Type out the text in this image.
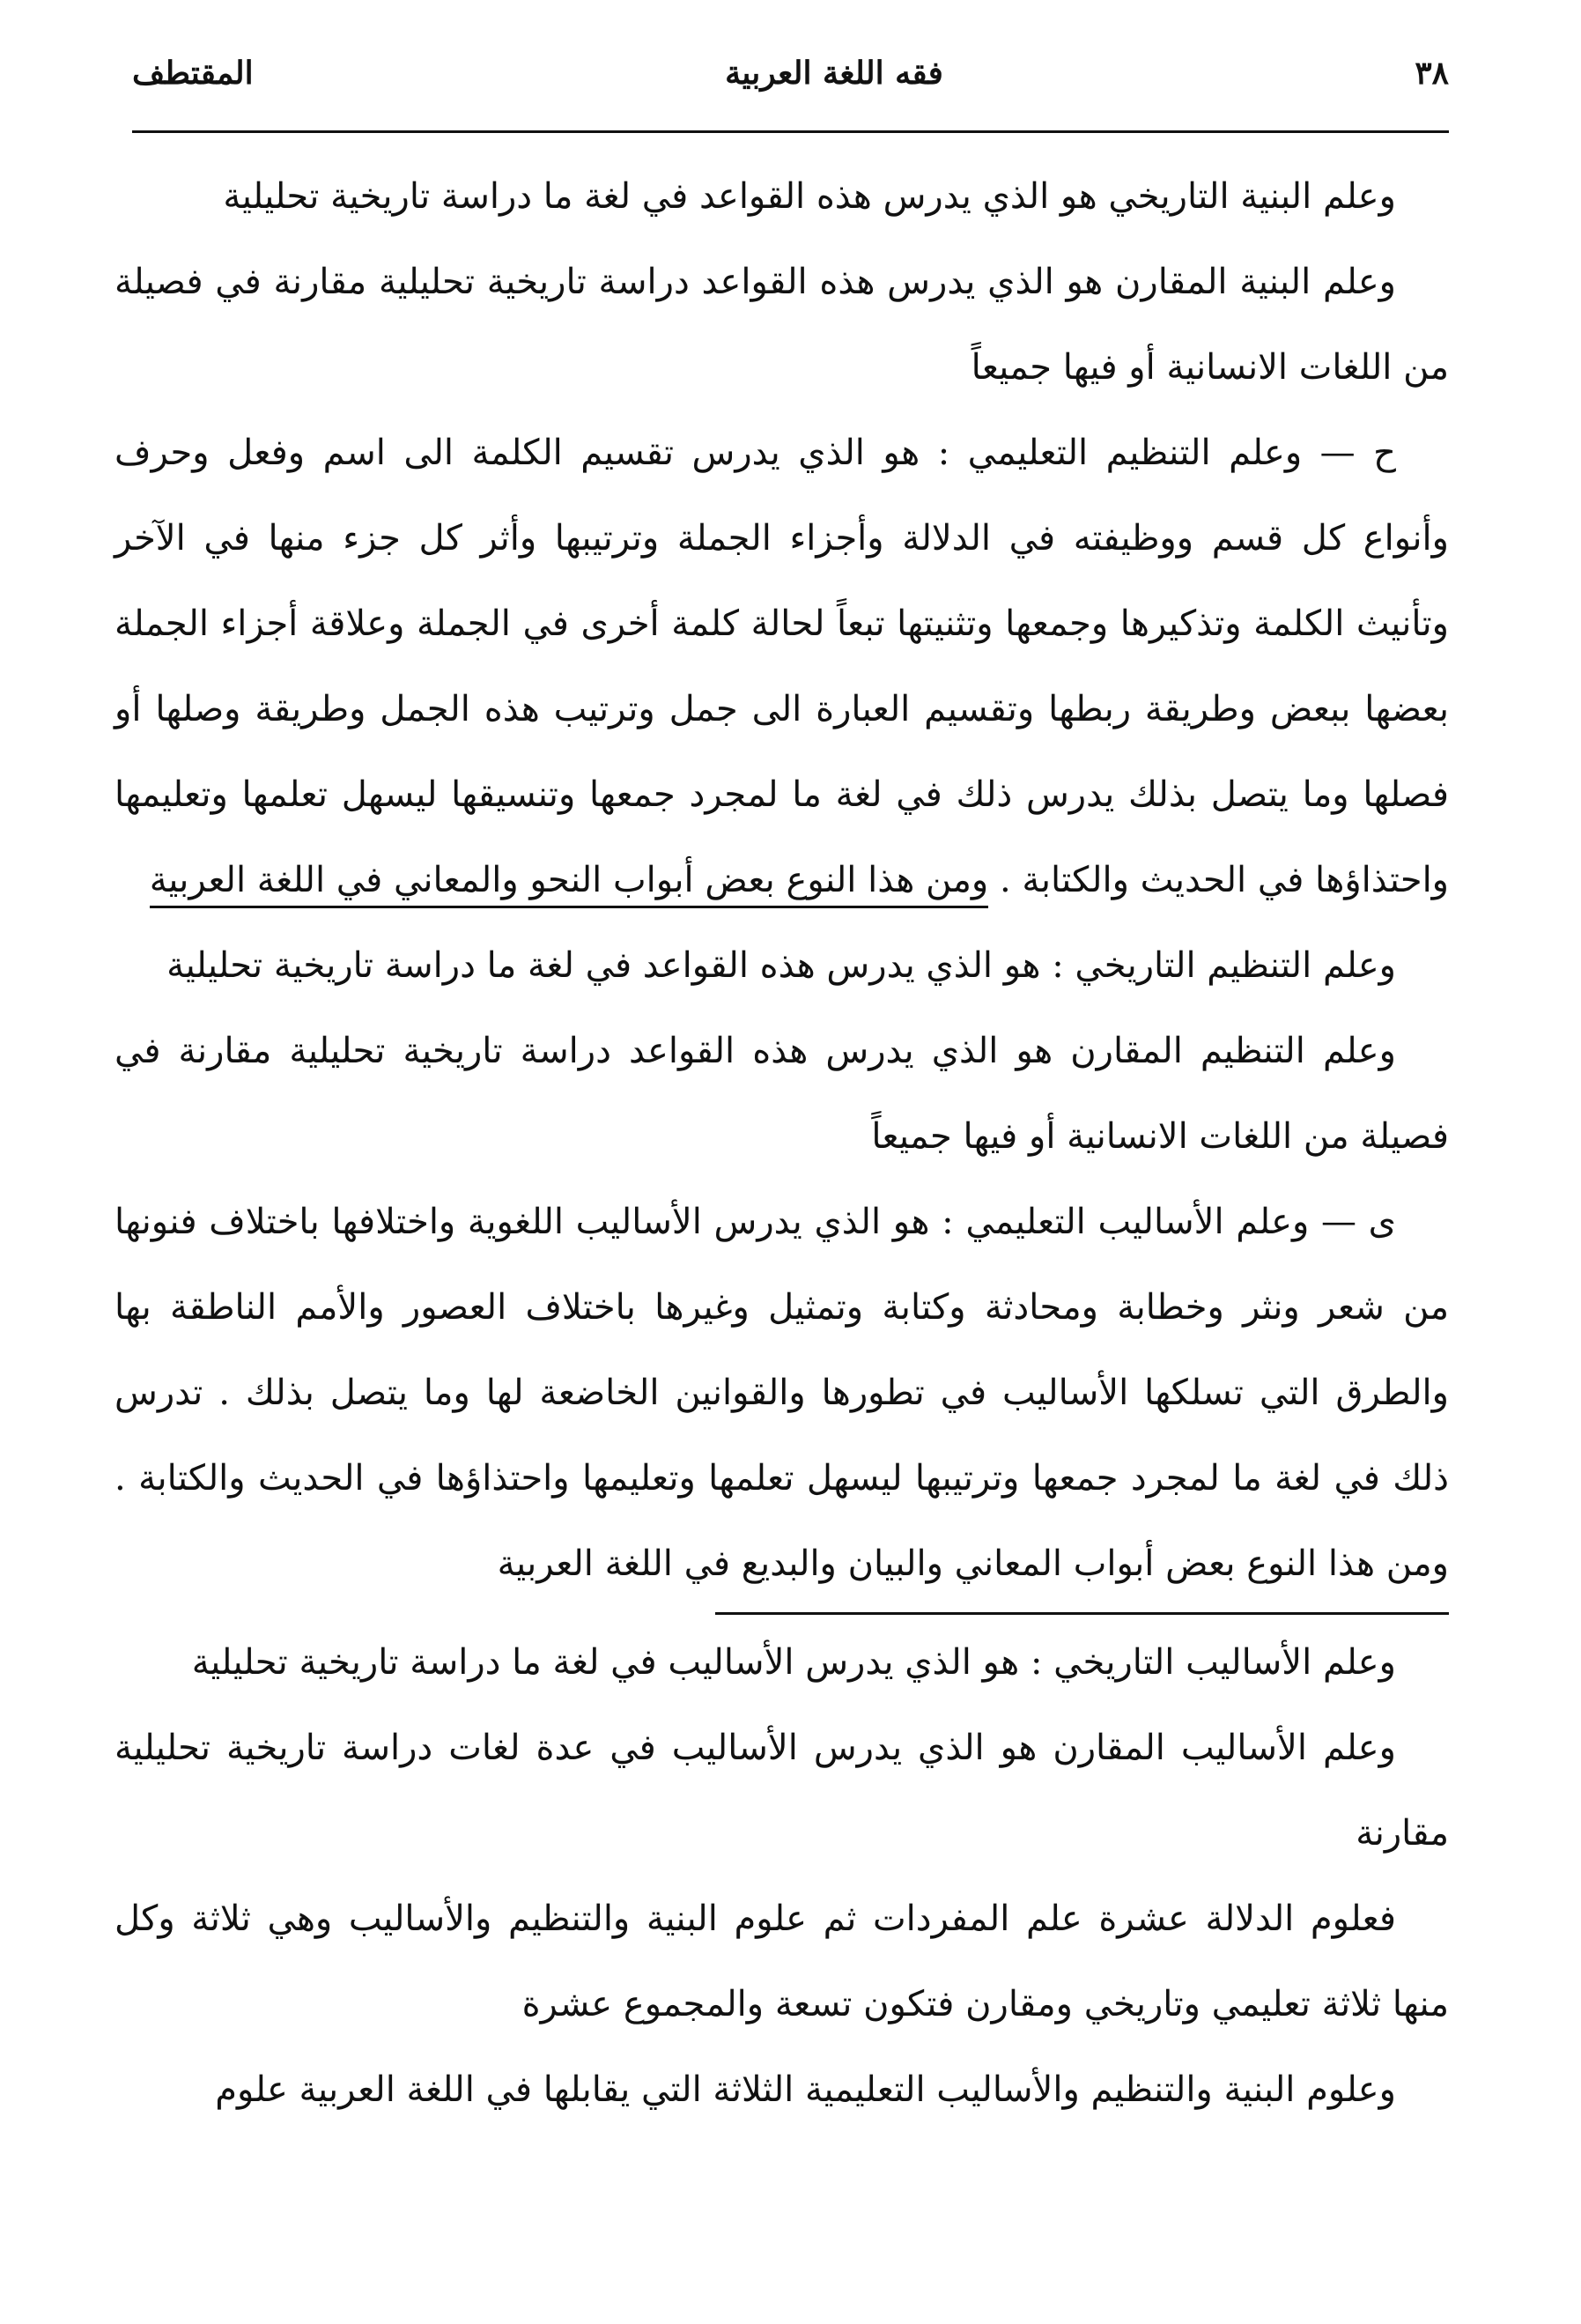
٣٨
فقه اللغة العربية
المقتطف

وعلم البنية التاريخي هو الذي يدرس هذه القواعد في لغة ما دراسة تاريخية تحليلية

وعلم البنية المقارن هو الذي يدرس هذه القواعد دراسة تاريخية تحليلية مقارنة في فصيلة من اللغات الانسانية أو فيها جميعاً

ح — وعلم التنظيم التعليمي : هو الذي يدرس تقسيم الكلمة الى اسم وفعل وحرف وأنواع كل قسم ووظيفته في الدلالة وأجزاء الجملة وترتيبها وأثر كل جزء منها في الآخر وتأنيث الكلمة وتذكيرها وجمعها وتثنيتها تبعاً لحالة كلمة أخرى في الجملة وعلاقة أجزاء الجملة بعضها ببعض وطريقة ربطها وتقسيم العبارة الى جمل وترتيب هذه الجمل وطريقة وصلها أو فصلها وما يتصل بذلك يدرس ذلك في لغة ما لمجرد جمعها وتنسيقها ليسهل تعلمها وتعليمها واحتذاؤها في الحديث والكتابة . ومن هذا النوع بعض أبواب النحو والمعاني في اللغة العربية

وعلم التنظيم التاريخي : هو الذي يدرس هذه القواعد في لغة ما دراسة تاريخية تحليلية

وعلم التنظيم المقارن هو الذي يدرس هذه القواعد دراسة تاريخية تحليلية مقارنة في فصيلة من اللغات الانسانية أو فيها جميعاً

ى — وعلم الأساليب التعليمي : هو الذي يدرس الأساليب اللغوية واختلافها باختلاف فنونها من شعر ونثر وخطابة ومحادثة وكتابة وتمثيل وغيرها باختلاف العصور والأمم الناطقة بها والطرق التي تسلكها الأساليب في تطورها والقوانين الخاضعة لها وما يتصل بذلك . تدرس ذلك في لغة ما لمجرد جمعها وترتيبها ليسهل تعلمها وتعليمها واحتذاؤها في الحديث والكتابة . ومن هذا النوع بعض أبواب المعاني والبيان والبديع في اللغة العربية

وعلم الأساليب التاريخي : هو الذي يدرس الأساليب في لغة ما دراسة تاريخية تحليلية

وعلم الأساليب المقارن هو الذي يدرس الأساليب في عدة لغات دراسة تاريخية تحليلية مقارنة

فعلوم الدلالة عشرة علم المفردات ثم علوم البنية والتنظيم والأساليب وهي ثلاثة وكل منها ثلاثة تعليمي وتاريخي ومقارن فتكون تسعة والمجموع عشرة

وعلوم البنية والتنظيم والأساليب التعليمية الثلاثة التي يقابلها في اللغة العربية علوم
